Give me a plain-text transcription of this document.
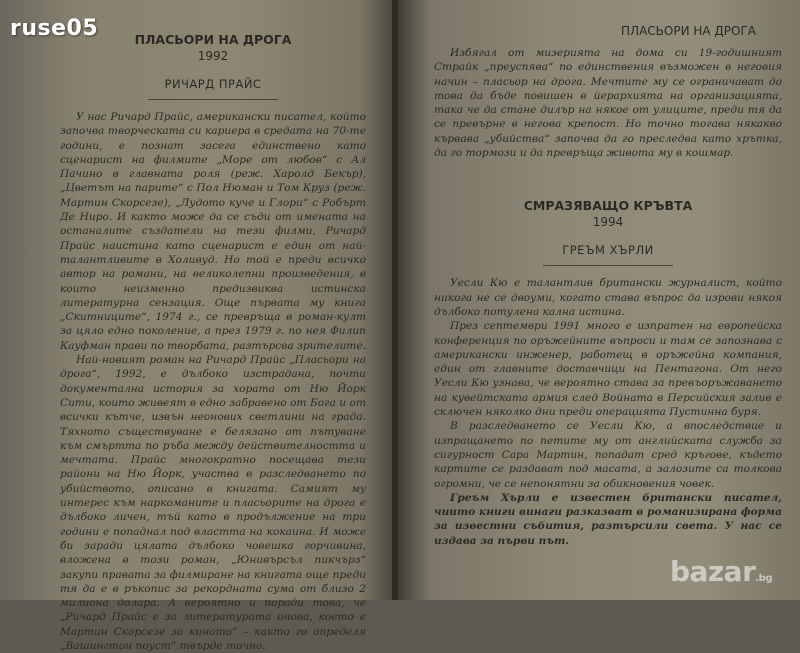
ПЛАСЬОРИ НА ДРОГА
1992
РИЧАРД ПРАЙС

У нас Ричард Прайс, американски писател, който започва творческата си кариера в средата на 70-те години, е познат засега единствено като сценарист на филмите „Море от любов“ с Ал Пачино в главната роля (реж. Харолд Бекър), „Цветът на парите“ с Пол Нюман и Том Круз (реж. Мартин Скорсезе), „Лудото куче и Глори“ с Робърт Де Ниро. И както може да се съди от имената на останалите създатели на тези филми, Ричард Прайс наистина като сценарист е един от най-талантливите в Холивуд. Но той е преди всичко автор на романи, на великолепни произведения, в които неизменно предизвиква истинска литературна сензация. Още първата му книга „Скитниците“, 1974 г., се превръща в роман-култ за цяло едно поколение, а през 1979 г. по нея Филип Кауфман прави по творбата, разтърсва зрителите.

Най-новият роман на Ричард Прайс „Пласьори на дрога“, 1992, е дълбоко изстрадана, почти документална история за хората от Ню Йорк Сити, които живеят в едно забравено от Бога и от всички кътче, извън неонових светлини на града. Тяхното съществуване е белязано от пътуване към смъртта по ръба между действителността и мечтата. Прайс многократно посещава тези райони на Ню Йорк, участва в разследването по убийството, описано в книгата. Самият му интерес към наркоманите и пласьорите на дрога е дълбоко личен, тъй като в продължение на три години е попаднал под властта на кокаина. И може би заради цялата дълбоко човешка горчивина, вложена в този роман, „Юнивърсъл пикчърз“ закупи правата за филмиране на книгата още преди тя да е в ръкопис за рекордната сума от близо 2 милиона долара. А вероятно и поради това, че „Ричард Прайс е за литературата онова, което е Мартин Скорсезе за киното“ – както го определя „Вашингтон поуст“ твърде точно.

ПЛАСЬОРИ НА ДРОГА

Избягал от мизерията на дома си 19-годишният Страйк „преуспява“ по единствения възможен в неговия начин – пласьор на дрога. Мечтите му се ограничават до това да бъде повишен в йерархията на организацията, така че да стане дилър на някое от улиците, преди тя да се превърне в негова крепост. Но точно тогава някакво кървава „убийства“ започва да го преследва като хрътка, да го тормози и да превръща живота му в кошмар.

СМРАЗЯВАЩО КРЪВТА
1994
ГРЕЪМ ХЪРЛИ

Уесли Кю е талантлив британски журналист, който никога не се двоуми, когато става въпрос да изрови някоя дълбоко потулена кална истина.

През септември 1991 много е изпратен на европейска конференция по оръжейните въпроси и там се запознава с американски инженер, работещ в оръжейна компания, един от главните доставчици на Пентагона. От него Уесли Кю узнава, че вероятно става за превъоръжаването на кувейтската армия след Войната в Персийския залив е сключен няколко дни преди операцията Пустинна буря.

В разследването се Уесли Кю, а впоследствие и изпращането по петите му от английската служба за сигурност Сара Мартин, попадат сред кръгове, където картите се раздават под масата, а залозите са толкова огромни, че се непонятни за обикновения човек.

Греъм Хърли е известен британски писател, чиито книги винаги разказват в романизирана форма за известни събития, разтърсили света. У нас се издава за първи път.

ruse05
bazar.bg
